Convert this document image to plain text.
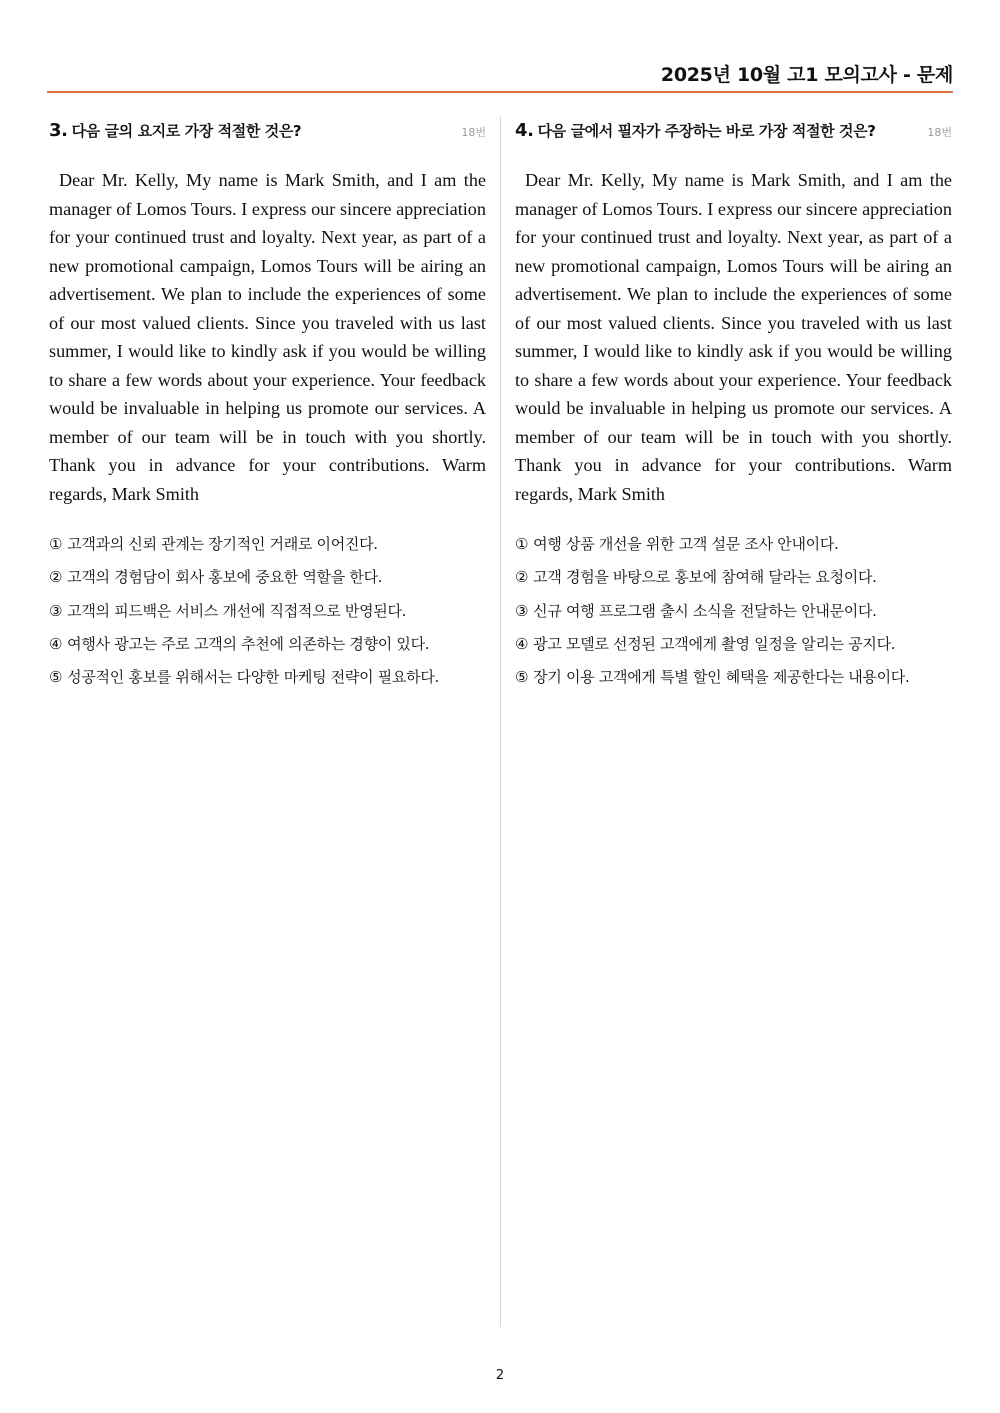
2025년 10월 고1 모의고사 - 문제
3. 다음 글의 요지로 가장 적절한 것은?	18번
Dear Mr. Kelly, My name is Mark Smith, and I am the manager of Lomos Tours. I express our sincere appreciation for your continued trust and loyalty. Next year, as part of a new promotional campaign, Lomos Tours will be airing an advertisement. We plan to include the experiences of some of our most valued clients. Since you traveled with us last summer, I would like to kindly ask if you would be willing to share a few words about your experience. Your feedback would be invaluable in helping us promote our services. A member of our team will be in touch with you shortly. Thank you in advance for your contributions. Warm regards, Mark Smith
① 고객과의 신뢰 관계는 장기적인 거래로 이어진다.
② 고객의 경험담이 회사 홍보에 중요한 역할을 한다.
③ 고객의 피드백은 서비스 개선에 직접적으로 반영된다.
④ 여행사 광고는 주로 고객의 추천에 의존하는 경향이 있다.
⑤ 성공적인 홍보를 위해서는 다양한 마케팅 전략이 필요하다.
4. 다음 글에서 필자가 주장하는 바로 가장 적절한 것은?	18번
Dear Mr. Kelly, My name is Mark Smith, and I am the manager of Lomos Tours. I express our sincere appreciation for your continued trust and loyalty. Next year, as part of a new promotional campaign, Lomos Tours will be airing an advertisement. We plan to include the experiences of some of our most valued clients. Since you traveled with us last summer, I would like to kindly ask if you would be willing to share a few words about your experience. Your feedback would be invaluable in helping us promote our services. A member of our team will be in touch with you shortly. Thank you in advance for your contributions. Warm regards, Mark Smith
① 여행 상품 개선을 위한 고객 설문 조사 안내이다.
② 고객 경험을 바탕으로 홍보에 참여해 달라는 요청이다.
③ 신규 여행 프로그램 출시 소식을 전달하는 안내문이다.
④ 광고 모델로 선정된 고객에게 촬영 일정을 알리는 공지다.
⑤ 장기 이용 고객에게 특별 할인 혜택을 제공한다는 내용이다.
2
